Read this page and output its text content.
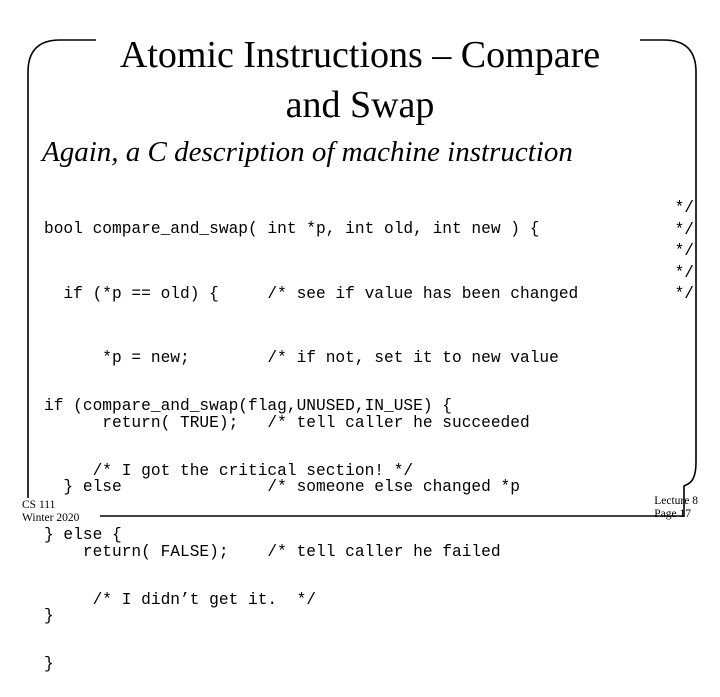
Atomic Instructions – Compare
and Swap
Again, a C description of machine instruction

bool compare_and_swap( int *p, int old, int new ) {

if (*p == old) {     /* see if value has been changed

*p = new;        /* if not, set it to new value

return( TRUE);   /* tell caller he succeeded

} else               /* someone else changed *p

return( FALSE);    /* tell caller he failed

}

*/
*/
*/
*/
*/

if (compare_and_swap(flag,UNUSED,IN_USE) {

/* I got the critical section! */

} else {

/* I didn’t get it.  */

}

CS 111
Winter 2020
Lecture 8
Page 17
